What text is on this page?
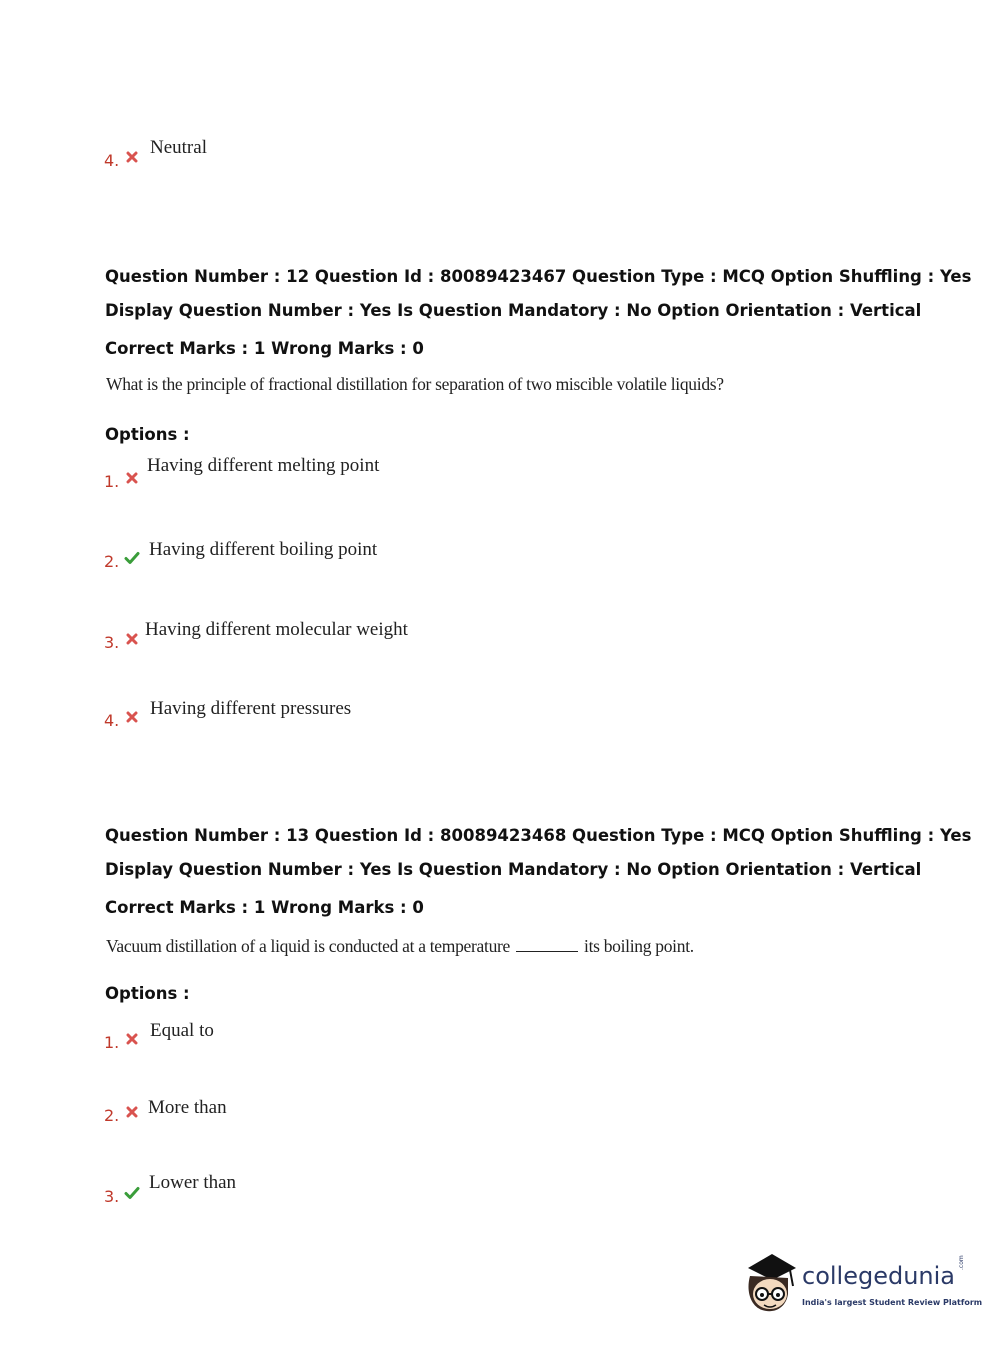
4.
Neutral
Question Number : 12 Question Id : 80089423467 Question Type : MCQ Option Shuffling : Yes
Display Question Number : Yes Is Question Mandatory : No Option Orientation : Vertical
Correct Marks : 1 Wrong Marks : 0
What is the principle of fractional distillation for separation of two miscible volatile liquids?
Options :
1.
Having different melting point
2.
Having different boiling point
3.
Having different molecular weight
4.
Having different pressures
Question Number : 13 Question Id : 80089423468 Question Type : MCQ Option Shuffling : Yes
Display Question Number : Yes Is Question Mandatory : No Option Orientation : Vertical
Correct Marks : 1 Wrong Marks : 0
Vacuum distillation of a liquid is conducted at a temperature	its boiling point.
Options :
1.
Equal to
2. More than
3.
Lower than
collegedunia .com
India's largest Student Review Platform
